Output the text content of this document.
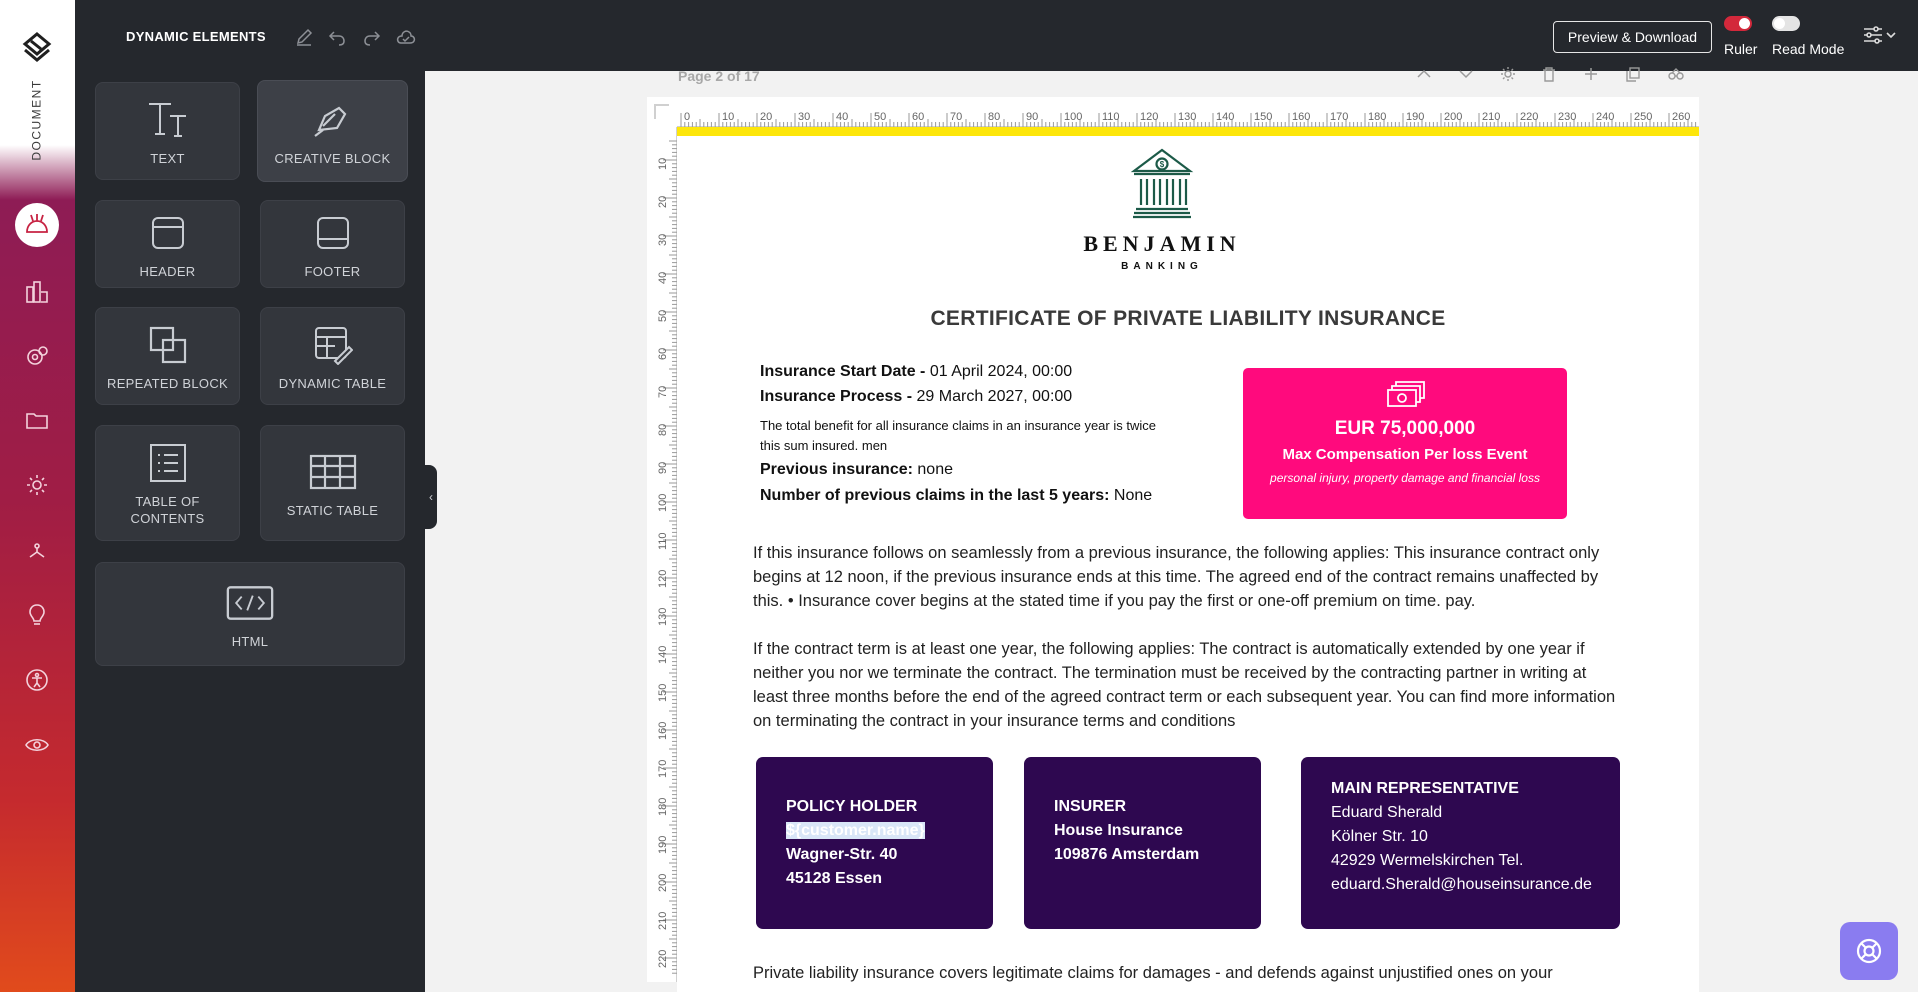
DOCUMENT	TEXT	CREATIVE BLOCK
HEADER	FOOTER
REPEATED BLOCK	DYNAMIC TABLE
TABLE OF
CONTENTS
STATIC TABLE
HTML
DYNAMIC ELEMENTS	Preview & Download
Ruler Read Mode
‹
Page 2 of 17
0	10 20 30 40 50 60 70 80 90 100 110 120 130 140 150 160 170 180 190 200 210 220 230 240 250 260
10
20
30
40
50
60
70
80
90
100
110
120
130
140
150
160
170
180
190
200
210
220
$
BENJAMIN
BANKING
CERTIFICATE OF PRIVATE LIABILITY INSURANCE
Insurance Start Date - 01 April 2024, 00:00
Insurance Process - 29 March 2027, 00:00
The total benefit for all insurance claims in an insurance year is twice this sum insured. men
Previous insurance: none
Number of previous claims in the last 5 years: None
EUR 75,000,000
Max Compensation Per loss Event
personal injury, property damage and financial loss
If this insurance follows on seamlessly from a previous insurance, the following applies: This insurance contract only begins at 12 noon, if the previous insurance ends at this time. The agreed end of the contract remains unaffected by this. • Insurance cover begins at the stated time if you pay the first or one-off premium on time. pay.
If the contract term is at least one year, the following applies: The contract is automatically extended by one year if neither you nor we terminate the contract. The termination must be received by the contracting partner in writing at least three months before the end of the agreed contract term or each subsequent year. You can find more information on terminating the contract in your insurance terms and conditions
POLICY HOLDER
${customer.name}
Wagner-Str. 40
45128 Essen
INSURER
House Insurance
109876 Amsterdam
MAIN REPRESENTATIVE
Eduard Sherald
Kölner Str. 10
42929 Wermelskirchen Tel.
eduard.Sherald@houseinsurance.de
Private liability insurance covers legitimate claims for damages - and defends against unjustified ones on your
